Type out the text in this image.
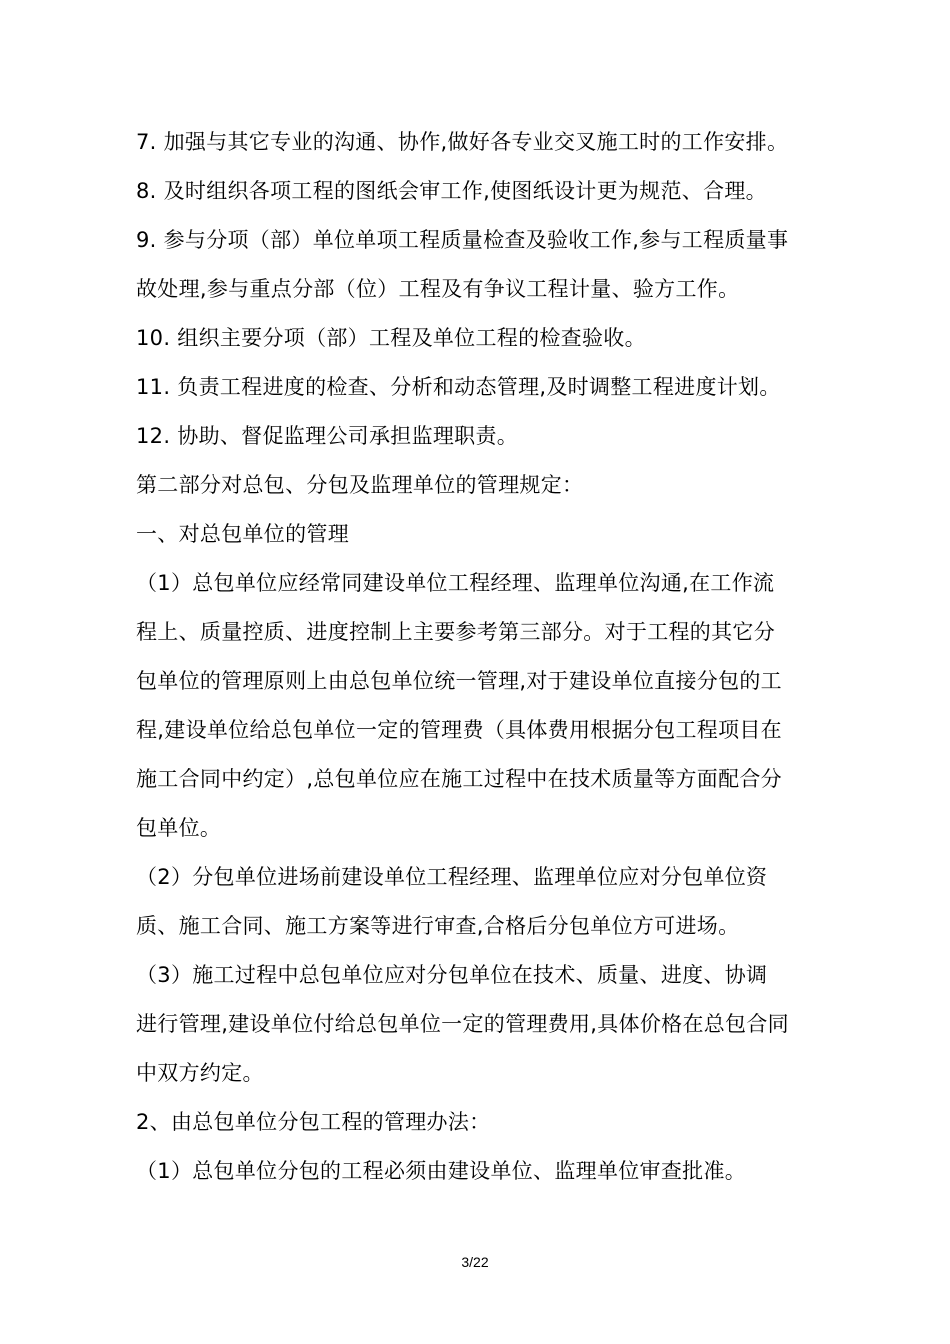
7. 加强与其它专业的沟通、协作,做好各专业交叉施工时的工作安排。
8. 及时组织各项工程的图纸会审工作,使图纸设计更为规范、合理。
9. 参与分项（部）单位单项工程质量检查及验收工作,参与工程质量事
故处理,参与重点分部（位）工程及有争议工程计量、验方工作。
10. 组织主要分项（部）工程及单位工程的检查验收。
11. 负责工程进度的检查、分析和动态管理,及时调整工程进度计划。
12. 协助、督促监理公司承担监理职责。
第二部分对总包、分包及监理单位的管理规定：
一、对总包单位的管理
（1）总包单位应经常同建设单位工程经理、监理单位沟通,在工作流
程上、质量控质、进度控制上主要参考第三部分。对于工程的其它分
包单位的管理原则上由总包单位统一管理,对于建设单位直接分包的工
程,建设单位给总包单位一定的管理费（具体费用根据分包工程项目在
施工合同中约定）,总包单位应在施工过程中在技术质量等方面配合分
包单位。
（2）分包单位进场前建设单位工程经理、监理单位应对分包单位资
质、施工合同、施工方案等进行审查,合格后分包单位方可进场。
（3）施工过程中总包单位应对分包单位在技术、质量、进度、协调
进行管理,建设单位付给总包单位一定的管理费用,具体价格在总包合同
中双方约定。
2、由总包单位分包工程的管理办法：
（1）总包单位分包的工程必须由建设单位、监理单位审查批准。
3/22
